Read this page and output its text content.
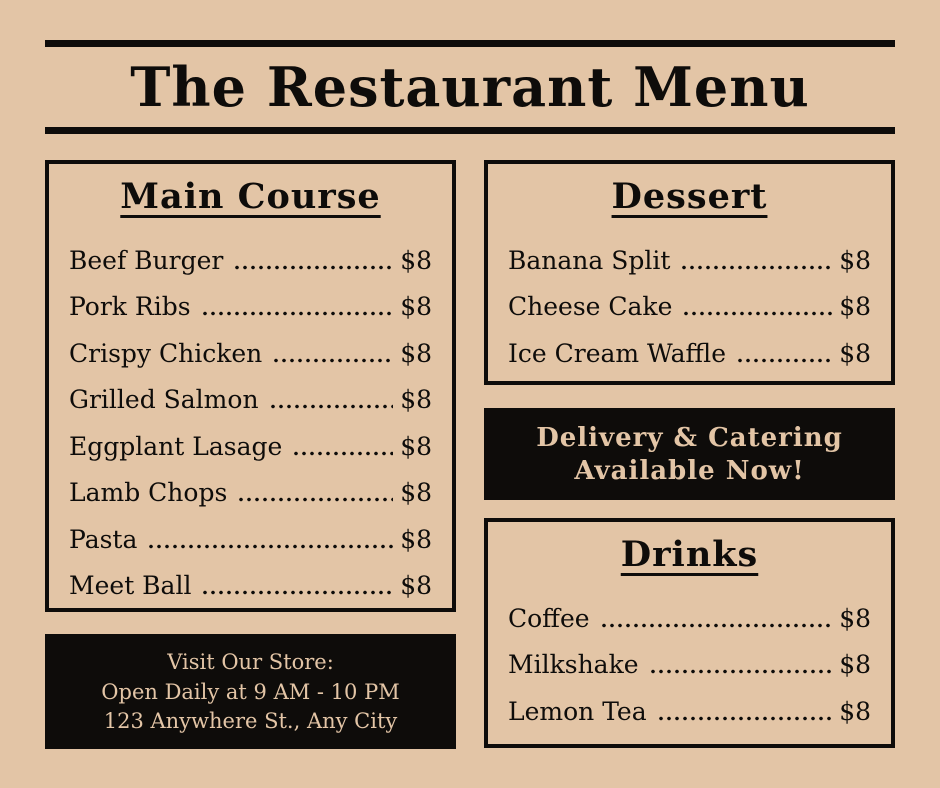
The Restaurant Menu
Main Course
Beef Burger	$8
Pork Ribs	$8
Crispy Chicken	$8
Grilled Salmon	$8
Eggplant Lasage	$8
Lamb Chops	$8
Pasta	$8
Meet Ball	$8
Visit Our Store:
Open Daily at 9 AM - 10 PM
123 Anywhere St., Any City
Dessert
Banana Split	$8
Cheese Cake	$8
Ice Cream Waffle	$8
Delivery & Catering
Available Now!
Drinks
Coffee	$8
Milkshake	$8
Lemon Tea	$8
